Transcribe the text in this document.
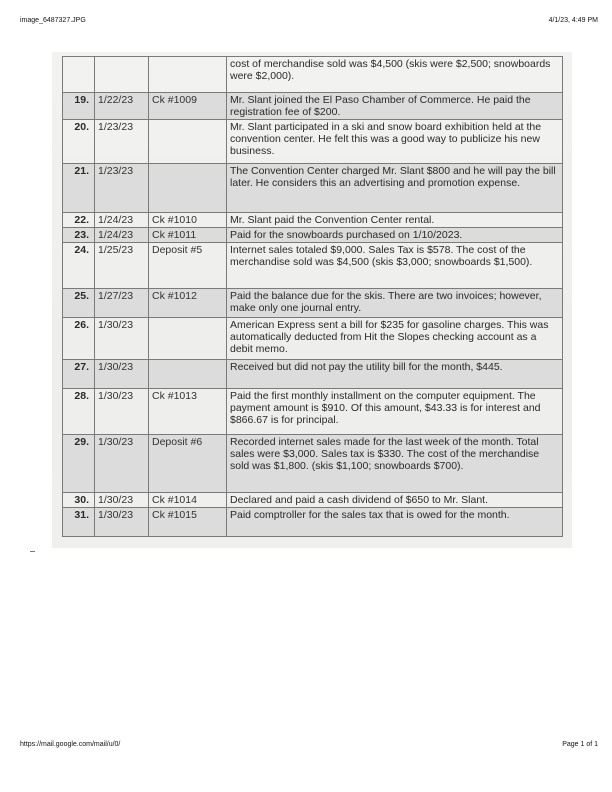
image_6487327.JPG	4/1/23, 4:49 PM
			cost of merchandise sold was $4,500 (skis were $2,500; snowboards were $2,000).
19.	1/22/23	Ck #1009	Mr. Slant joined the El Paso Chamber of Commerce. He paid the registration fee of $200.
20.	1/23/23		Mr. Slant participated in a ski and snow board exhibition held at the convention center. He felt this was a good way to publicize his new business.
21.	1/23/23		The Convention Center charged Mr. Slant $800 and he will pay the bill later. He considers this an advertising and promotion expense.
22.	1/24/23	Ck #1010	Mr. Slant paid the Convention Center rental.
23.	1/24/23	Ck #1011	Paid for the snowboards purchased on 1/10/2023.
24.	1/25/23	Deposit #5	Internet sales totaled $9,000. Sales Tax is $578. The cost of the merchandise sold was $4,500 (skis $3,000; snowboards $1,500).
25.	1/27/23	Ck #1012	Paid the balance due for the skis. There are two invoices; however, make only one journal entry.
26.	1/30/23		American Express sent a bill for $235 for gasoline charges. This was automatically deducted from Hit the Slopes checking account as a debit memo.
27.	1/30/23		Received but did not pay the utility bill for the month, $445.
28.	1/30/23	Ck #1013	Paid the first monthly installment on the computer equipment. The payment amount is $910. Of this amount, $43.33 is for interest and $866.67 is for principal.
29.	1/30/23	Deposit #6	Recorded internet sales made for the last week of the month. Total sales were $3,000. Sales tax is $330. The cost of the merchandise sold was $1,800. (skis $1,100; snowboards $700).
30.	1/30/23	Ck #1014	Declared and paid a cash dividend of $650 to Mr. Slant.
31.	1/30/23	Ck #1015	Paid comptroller for the sales tax that is owed for the month.
https://mail.google.com/mail/u/0/	Page 1 of 1
